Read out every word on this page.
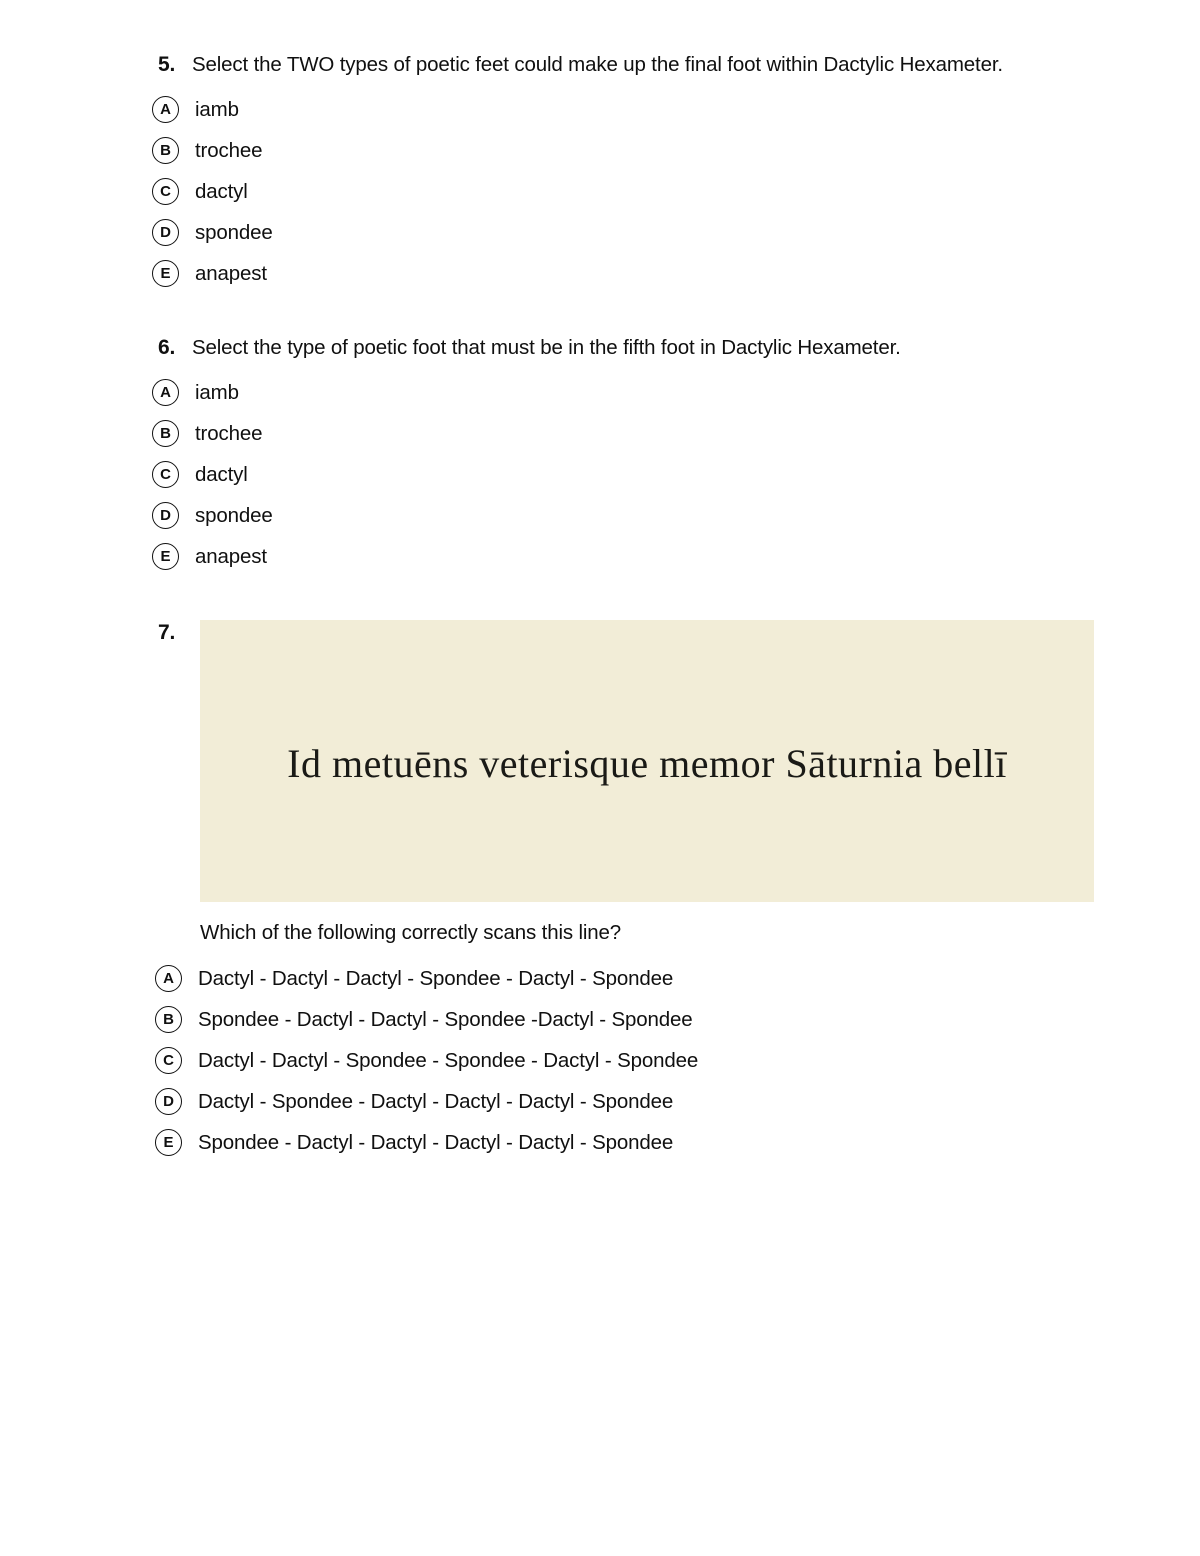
5. Select the TWO types of poetic feet could make up the final foot within Dactylic Hexameter.
A	iamb
B	trochee
C	dactyl
D	spondee
E	anapest
6. Select the type of poetic foot that must be in the fifth foot in Dactylic Hexameter.
A	iamb
B	trochee
C	dactyl
D	spondee
E	anapest
7.
Id metuēns veterisque memor Sāturnia bellī
Which of the following correctly scans this line?
A	Dactyl - Dactyl - Dactyl - Spondee - Dactyl - Spondee
B	Spondee - Dactyl - Dactyl - Spondee -Dactyl - Spondee
C	Dactyl - Dactyl - Spondee - Spondee - Dactyl - Spondee
D	Dactyl - Spondee - Dactyl - Dactyl - Dactyl - Spondee
E	Spondee - Dactyl - Dactyl - Dactyl - Dactyl - Spondee
